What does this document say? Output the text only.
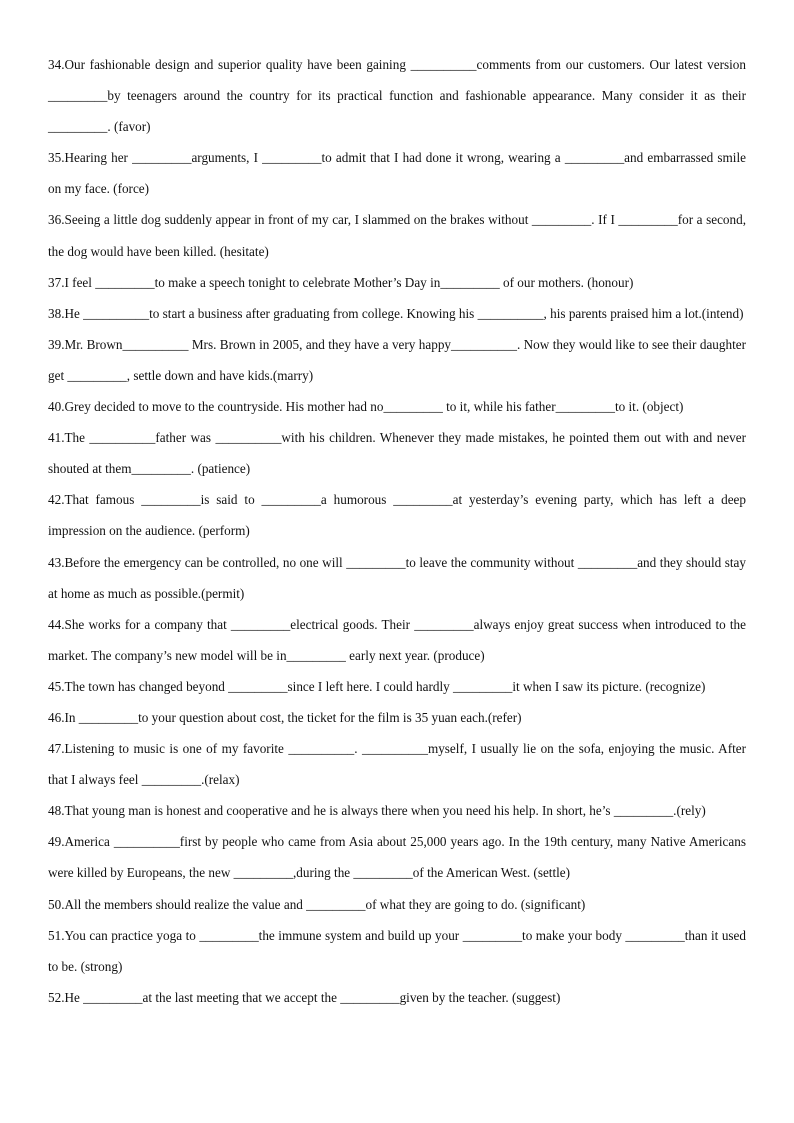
34.Our fashionable design and superior quality have been gaining __________comments from our customers. Our latest version _________by teenagers around the country for its practical function and fashionable appearance. Many consider it as their _________. (favor)

35.Hearing her _________arguments, I _________to admit that I had done it wrong, wearing a _________and embarrassed smile on my face. (force)

36.Seeing a little dog suddenly appear in front of my car, I slammed on the brakes without _________. If I _________for a second, the dog would have been killed. (hesitate)

37.I feel _________to make a speech tonight to celebrate Mother’s Day in_________ of our mothers. (honour)

38.He __________to start a business after graduating from college. Knowing his __________, his parents praised him a lot.(intend)

39.Mr. Brown__________ Mrs. Brown in 2005, and they have a very happy__________. Now they would like to see their daughter get _________, settle down and have kids.(marry)

40.Grey decided to move to the countryside. His mother had no_________ to it, while his father_________to it. (object)

41.The __________father was __________with his children. Whenever they made mistakes, he pointed them out with and never shouted at them_________. (patience)

42.That famous _________is said to _________a humorous _________at yesterday’s evening party, which has left a deep impression on the audience. (perform)

43.Before the emergency can be controlled, no one will _________to leave the community without _________and they should stay at home as much as possible.(permit)

44.She works for a company that _________electrical goods. Their _________always enjoy great success when introduced to the market. The company’s new model will be in_________ early next year. (produce)

45.The town has changed beyond _________since I left here. I could hardly _________it when I saw its picture. (recognize)

46.In _________to your question about cost, the ticket for the film is 35 yuan each.(refer)

47.Listening to music is one of my favorite __________. __________myself, I usually lie on the sofa, enjoying the music. After that I always feel _________.(relax)

48.That young man is honest and cooperative and he is always there when you need his help. In short, he’s _________.(rely)

49.America __________first by people who came from Asia about 25,000 years ago. In the 19th century, many Native Americans were killed by Europeans, the new _________,during the _________of the American West. (settle)

50.All the members should realize the value and _________of what they are going to do. (significant)

51.You can practice yoga to _________the immune system and build up your _________to make your body _________than it used to be. (strong)

52.He _________at the last meeting that we accept the _________given by the teacher. (suggest)
